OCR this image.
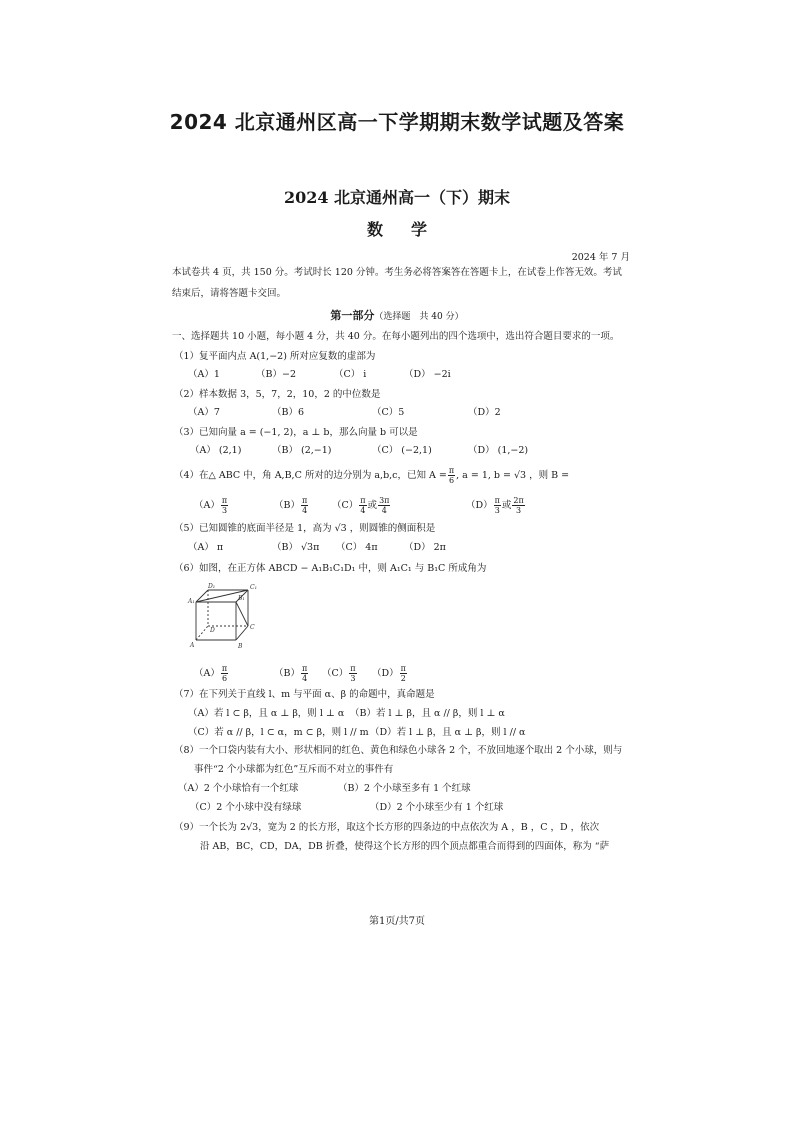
2024 北京通州区高一下学期期末数学试题及答案
2024 北京通州高一（下）期末
数学
2024 年 7 月
本试卷共 4 页，共 150 分。考试时长 120 分钟。考生务必将答案答在答题卡上，在试卷上作答无效。考试结束后，请将答题卡交回。
第一部分（选择题　共 40 分）
一、选择题共 10 小题，每小题 4 分，共 40 分。在每小题列出的四个选项中，选出符合题目要求的一项。
（1）复平面内点 A(1,−2) 所对应复数的虚部为
（A）1	（B）−2	（C） i	（D） −2i
（2）样本数据 3，5，7，2，10，2 的中位数是
（A）7	（B）6	（C）5	（D）2
（3）已知向量 a = (−1, 2)，a ⊥ b，那么向量 b 可以是
（A） (2,1)	（B） (2,−1)	（C） (−2,1)	（D） (1,−2)
（4）在△ ABC 中，角 A,B,C 所对的边分别为 a,b,c，已知 $A = \frac{\pi}{6}$ , a = 1, b = √3 ，则 B =
$(A) \frac{\pi}{3}$	$(B) \frac{\pi}{4}$	$(C) \frac{\pi}{4}$ 或 $\frac{3\pi}{4}$	$(D) \frac{\pi}{3}$ 或 $\frac{2\pi}{3}$
（5）已知圆锥的底面半径是 1，高为 √3 ，则圆锥的侧面积是
（A） π	（B） √3π （C） 4π	（D） 2π
（6）如图，在正方体 ABCD − A₁B₁C₁D₁ 中，则 A₁C₁ 与 B₁C 所成角为
D₁	C₁
A₁	B₁
D	C
A	B
$(A) \frac{\pi}{6}$	$(B) \frac{\pi}{4} (C) \frac{\pi}{3} (D) \frac{\pi}{2}$
（7）在下列关于直线 l、m 与平面 α、β 的命题中，真命题是
（A）若 l ⊂ β，且 α ⊥ β，则 l ⊥ α （B）若 l ⊥ β，且 α // β，则 l ⊥ α
（C）若 α // β，l ⊂ α，m ⊂ β，则 l // m （D）若 l ⊥ β，且 α ⊥ β，则 l // α
（8）一个口袋内装有大小、形状相同的红色、黄色和绿色小球各 2 个，不放回地逐个取出 2 个小球，则与
事件“2 个小球都为红色”互斥而不对立的事件有
（A）2 个小球恰有一个红球	（B）2 个小球至多有 1 个红球
（C）2 个小球中没有绿球	（D）2 个小球至少有 1 个红球
（9）一个长为 2√3，宽为 2 的长方形，取这个长方形的四条边的中点依次为 A ，B ，C ，D ，依次
沿 AB，BC，CD，DA，DB 折叠，使得这个长方形的四个顶点都重合而得到的四面体，称为 “萨
第1页/共7页
